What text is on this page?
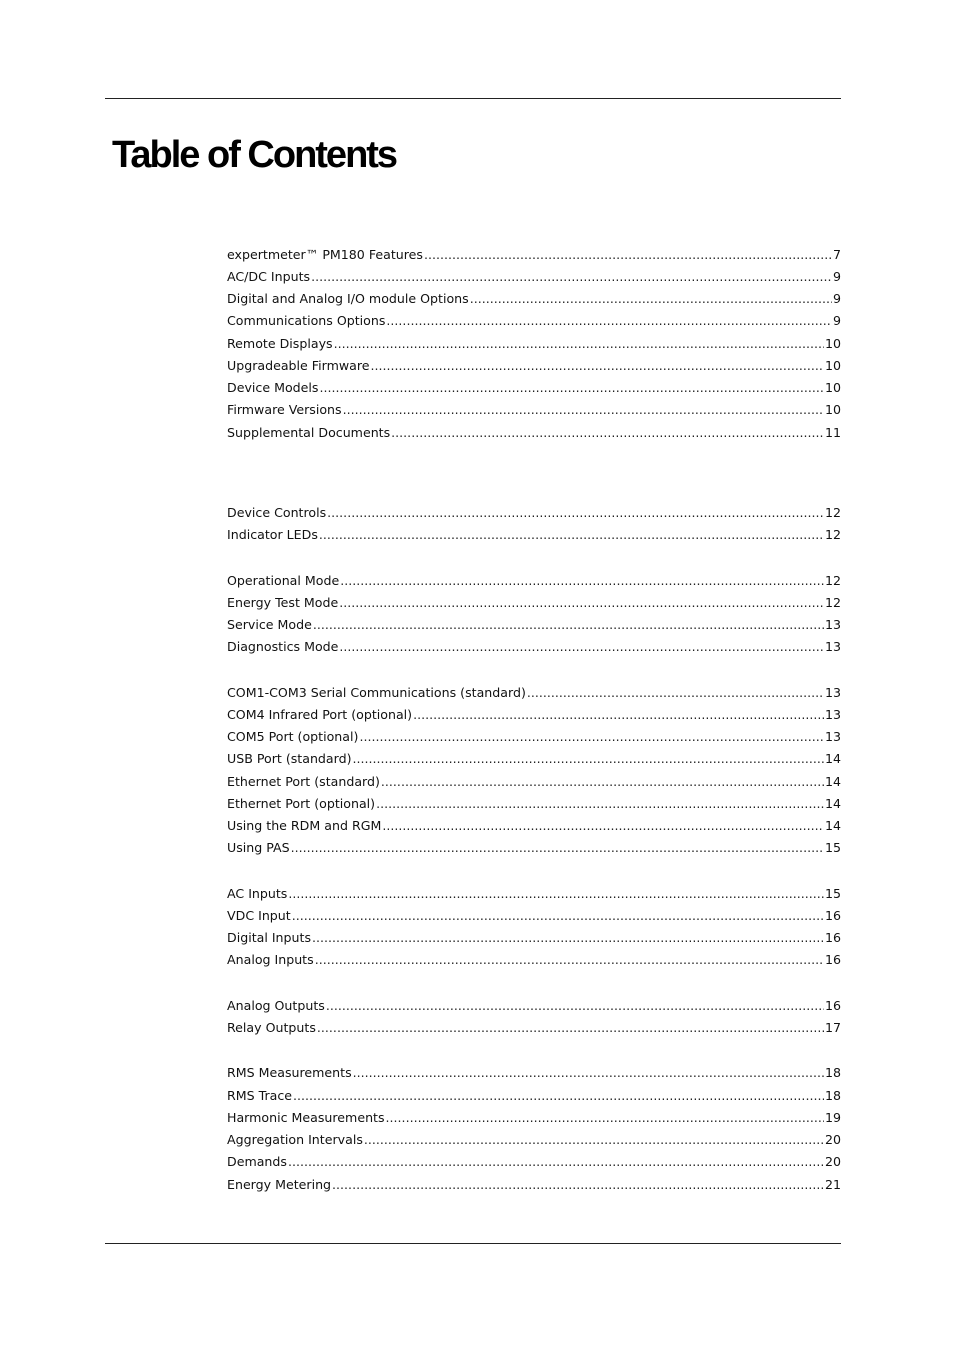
Table of Contents
expertmeter™ PM180 Features .....	7
AC/DC Inputs .....	9
Digital and Analog I/O module Options .....	9
Communications Options .....	9
Remote Displays .....	10
Upgradeable Firmware .....	10
Device Models .....	10
Firmware Versions .....	10
Supplemental Documents .....	11
Device Controls .....	12
Indicator LEDs .....	12
Operational Mode .....	12
Energy Test Mode .....	12
Service Mode .....	13
Diagnostics Mode .....	13
COM1-COM3 Serial Communications (standard) .....	13
COM4 Infrared Port (optional) .....	13
COM5 Port (optional) .....	13
USB Port (standard) .....	14
Ethernet Port (standard) .....	14
Ethernet Port (optional) .....	14
Using the RDM and RGM .....	14
Using PAS .....	15
AC Inputs .....	15
VDC Input .....	16
Digital Inputs .....	16
Analog Inputs .....	16
Analog Outputs .....	16
Relay Outputs .....	17
RMS Measurements .....	18
RMS Trace .....	18
Harmonic Measurements .....	19
Aggregation Intervals .....	20
Demands .....	20
Energy Metering .....	21
